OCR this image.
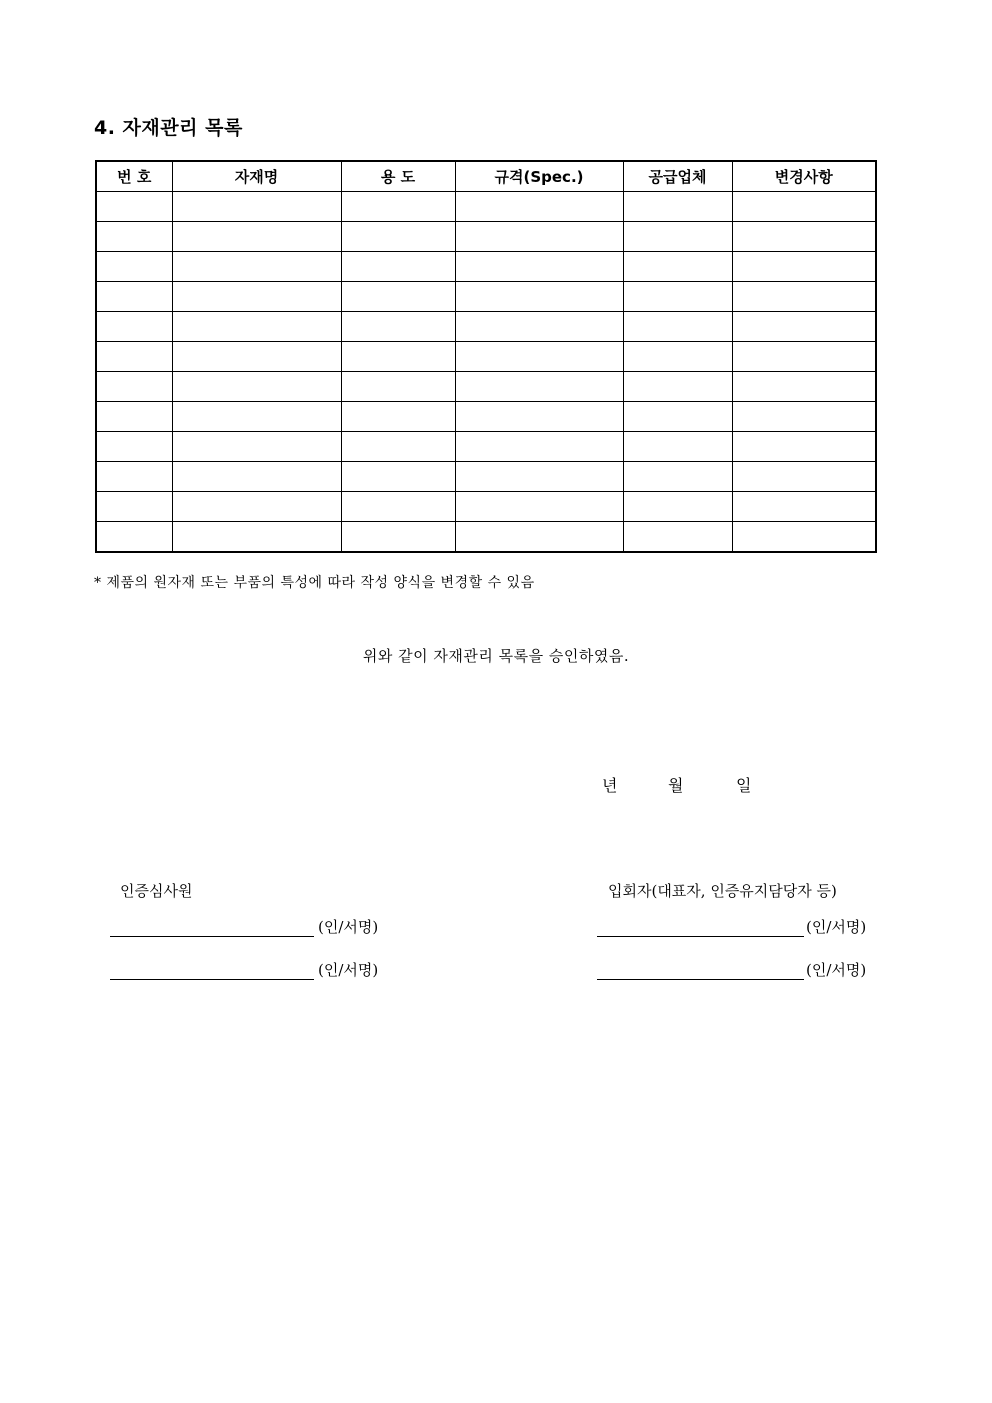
4. 자재관리 목록
번 호	자재명	용 도	규격(Spec.)	공급업체	변경사항

* 제품의 원자재 또는 부품의 특성에 따라 작성 양식을 변경할 수 있음
위와 같이 자재관리 목록을 승인하였음.
년	월	일
인증심사원	입회자(대표자, 인증유지담당자 등)
(인/서명)
(인/서명)
(인/서명)
(인/서명)
